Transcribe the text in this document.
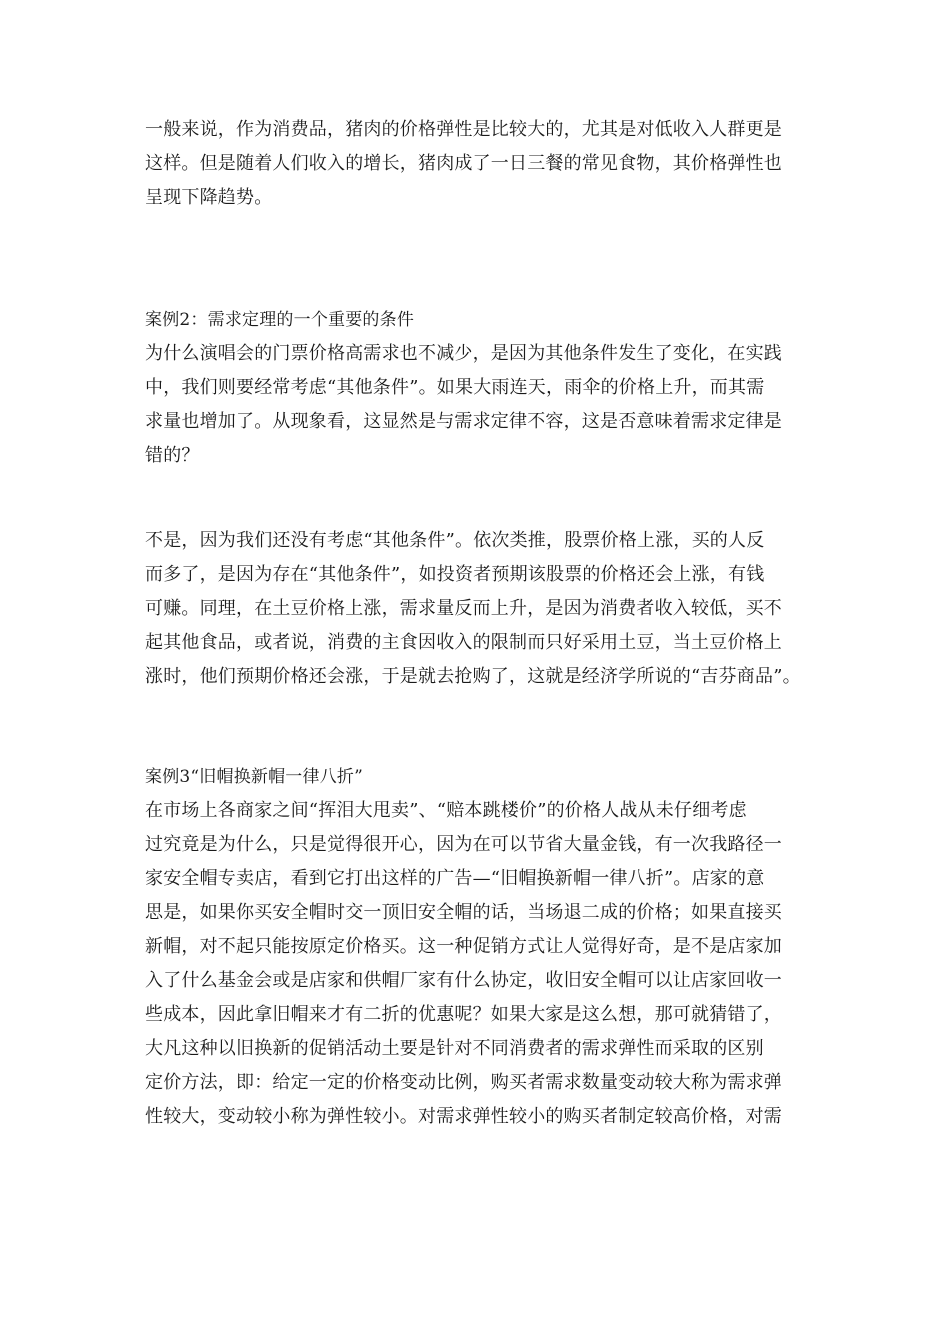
一般来说，作为消费品，猪肉的价格弹性是比较大的，尤其是对低收入人群更是
这样。但是随着人们收入的增长，猪肉成了一日三餐的常见食物，其价格弹性也
呈现下降趋势。
案例2：需求定理的一个重要的条件
为什么演唱会的门票价格高需求也不减少，是因为其他条件发生了变化，在实践
中，我们则要经常考虑“其他条件”。如果大雨连天，雨伞的价格上升，而其需
求量也增加了。从现象看，这显然是与需求定律不容，这是否意味着需求定律是
错的？
不是，因为我们还没有考虑“其他条件”。依次类推，股票价格上涨，买的人反
而多了，是因为存在“其他条件”，如投资者预期该股票的价格还会上涨，有钱
可赚。同理，在土豆价格上涨，需求量反而上升，是因为消费者收入较低，买不
起其他食品，或者说，消费的主食因收入的限制而只好采用土豆，当土豆价格上
涨时，他们预期价格还会涨，于是就去抢购了，这就是经济学所说的“吉芬商品”。
案例3“旧帽换新帽一律八折”
在市场上各商家之间“挥泪大甩卖”、“赔本跳楼价”的价格人战从未仔细考虑
过究竟是为什么，只是觉得很开心，因为在可以节省大量金钱，有一次我路径一
家安全帽专卖店，看到它打出这样的广告—“旧帽换新帽一律八折”。店家的意
思是，如果你买安全帽时交一顶旧安全帽的话，当场退二成的价格；如果直接买
新帽，对不起只能按原定价格买。这一种促销方式让人觉得好奇，是不是店家加
入了什么基金会或是店家和供帽厂家有什么协定，收旧安全帽可以让店家回收一
些成本，因此拿旧帽来才有二折的优惠呢？如果大家是这么想，那可就猜错了，
大凡这种以旧换新的促销活动土要是针对不同消费者的需求弹性而采取的区别
定价方法，即：给定一定的价格变动比例，购买者需求数量变动较大称为需求弹
性较大，变动较小称为弹性较小。对需求弹性较小的购买者制定较高价格，对需
